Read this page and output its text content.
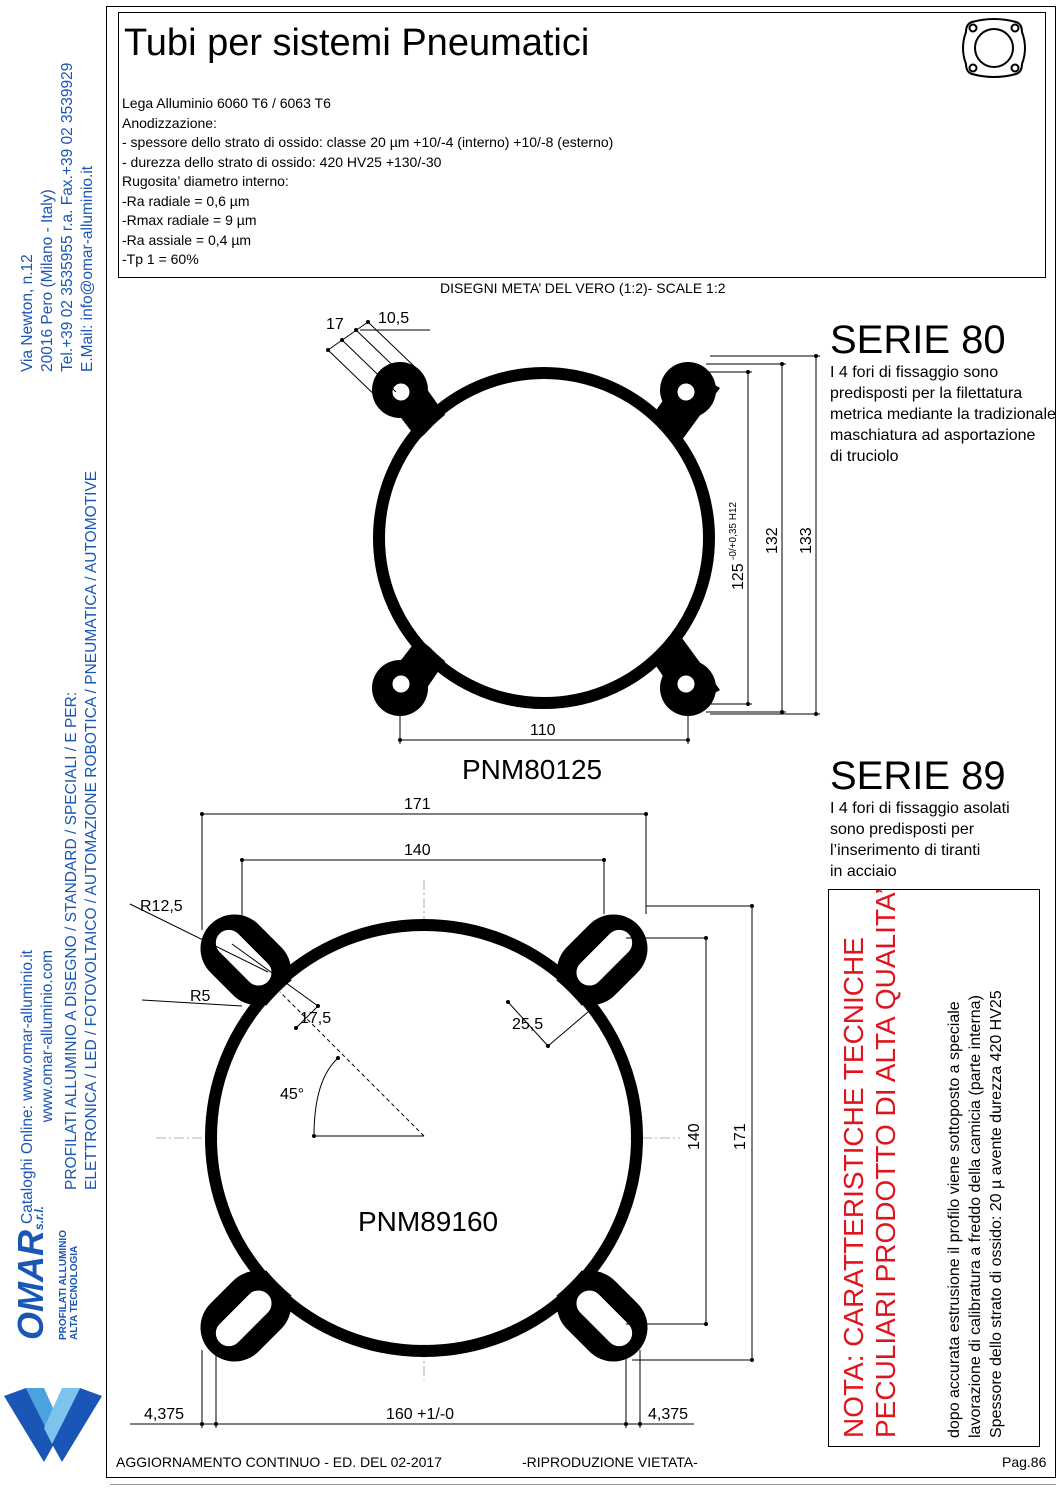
Tubi per sistemi Pneumatici
Lega Alluminio 6060 T6 / 6063 T6
Anodizzazione:
- spessore dello strato di ossido: classe 20 µm +10/-4 (interno) +10/-8 (esterno)
- durezza dello strato di ossido: 420 HV25 +130/-30
Rugosita’ diametro interno:
-Ra radiale = 0,6 µm
-Rmax radiale = 9 µm
-Ra assiale = 0,4 µm
-Tp 1 = 60%
DISEGNI META’ DEL VERO (1:2)- SCALE 1:2
SERIE 80
I 4 fori di fissaggio sono
predisposti per la filettatura
metrica mediante la tradizionale
maschiatura ad asportazione
di truciolo
17 10,5
110
125
-0/+0,35 H12 132 133
PNM80125	SERIE 89
I 4 fori di fissaggio asolati
sono predisposti per
l’inserimento di tiranti
in acciaio
171
140
R12,5
R5
17,5	25,5
45°
140 171
4,375	160 +1/-0	4,375
PNM89160	NOTA: CARATTERISTICHE TECNICHE PECULIARI PRODOTTO DI ALTA QUALITA’	dopo accurata estrusione il profilo viene sottoposto a speciale lavorazione di calibratura a freddo della camicia (parte interna) Spessore dello strato di ossido: 20 µ avente durezza 420 HV25
Via Newton, n.12 20016 Pero (Milano - Italy) Tel.+39 02 3535955 r.a. Fax.+39 02 3539929 E.Mail: info@omar-alluminio.it
Cataloghi Online: www.omar-alluminio.it www.omar-alluminio.com PROFILATI ALLUMINIO A DISEGNO / STANDARD / SPECIALI / E PER: ELETTRONICA / LED / FOTOVOLTAICO / AUTOMAZIONE ROBOTICA / PNEUMATICA / AUTOMOTIVE
OMARs.r.l.
PROFILATI ALLUMINIO ALTA TECNOLOGIA
AGGIORNAMENTO CONTINUO - ED. DEL 02-2017	-RIPRODUZIONE VIETATA-	Pag.86
